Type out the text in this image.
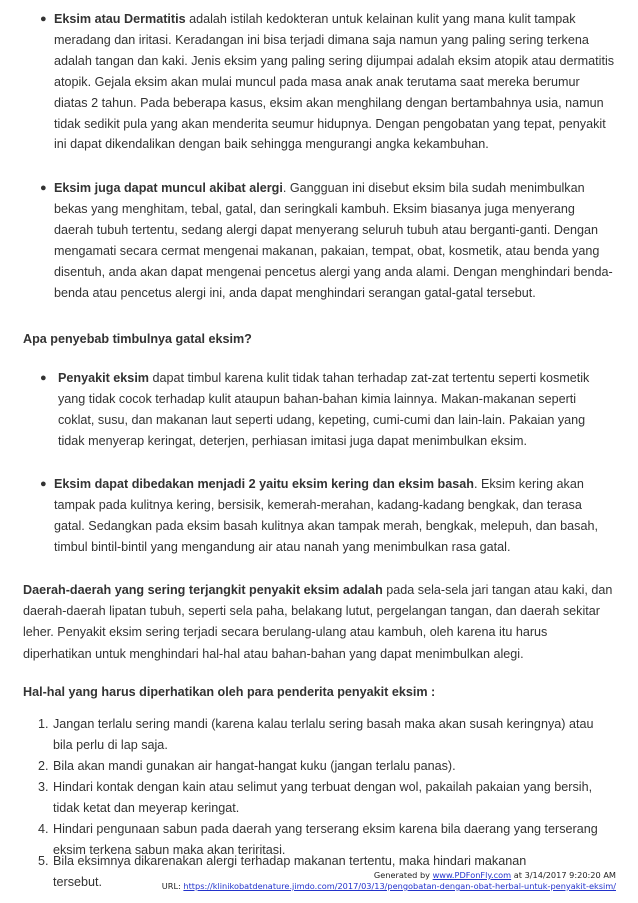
● Eksim atau Dermatitis adalah istilah kedokteran untuk kelainan kulit yang mana kulit tampak meradang dan iritasi. Keradangan ini bisa terjadi dimana saja namun yang paling sering terkena adalah tangan dan kaki. Jenis eksim yang paling sering dijumpai adalah eksim atopik atau dermatitis atopik. Gejala eksim akan mulai muncul pada masa anak anak terutama saat mereka berumur diatas 2 tahun. Pada beberapa kasus, eksim akan menghilang dengan bertambahnya usia, namun tidak sedikit pula yang akan menderita seumur hidupnya. Dengan pengobatan yang tepat, penyakit ini dapat dikendalikan dengan baik sehingga mengurangi angka kekambuhan.
● Eksim juga dapat muncul akibat alergi. Gangguan ini disebut eksim bila sudah menimbulkan bekas yang menghitam, tebal, gatal, dan seringkali kambuh. Eksim biasanya juga menyerang daerah tubuh tertentu, sedang alergi dapat menyerang seluruh tubuh atau berganti-ganti. Dengan mengamati secara cermat mengenai makanan, pakaian, tempat, obat, kosmetik, atau benda yang disentuh, anda akan dapat mengenai pencetus alergi yang anda alami. Dengan menghindari benda-benda atau pencetus alergi ini, anda dapat menghindari serangan gatal-gatal tersebut.
Apa penyebab timbulnya gatal eksim?
● Penyakit eksim dapat timbul karena kulit tidak tahan terhadap zat-zat tertentu seperti kosmetik yang tidak cocok terhadap kulit ataupun bahan-bahan kimia lainnya. Makan-makanan seperti coklat, susu, dan makanan laut seperti udang, kepeting, cumi-cumi dan lain-lain. Pakaian yang tidak menyerap keringat, deterjen, perhiasan imitasi juga dapat menimbulkan eksim.
● Eksim dapat dibedakan menjadi 2 yaitu eksim kering dan eksim basah. Eksim kering akan tampak pada kulitnya kering, bersisik, kemerah-merahan, kadang-kadang bengkak, dan terasa gatal. Sedangkan pada eksim basah kulitnya akan tampak merah, bengkak, melepuh, dan basah, timbul bintil-bintil yang mengandung air atau nanah yang menimbulkan rasa gatal.
Daerah-daerah yang sering terjangkit penyakit eksim adalah pada sela-sela jari tangan atau kaki, dan daerah-daerah lipatan tubuh, seperti sela paha, belakang lutut, pergelangan tangan, dan daerah sekitar leher. Penyakit eksim sering terjadi secara berulang-ulang atau kambuh, oleh karena itu harus diperhatikan untuk menghindari hal-hal atau bahan-bahan yang dapat menimbulkan alegi.
Hal-hal yang harus diperhatikan oleh para penderita penyakit eksim :
1. Jangan terlalu sering mandi (karena kalau terlalu sering basah maka akan susah keringnya) atau bila perlu di lap saja.
2. Bila akan mandi gunakan air hangat-hangat kuku (jangan terlalu panas).
3. Hindari kontak dengan kain atau selimut yang terbuat dengan wol, pakailah pakaian yang bersih, tidak ketat dan meyerap keringat.
4. Hindari pengunaan sabun pada daerah yang terserang eksim karena bila daerang yang terserang eksim terkena sabun maka akan teriritasi.
5. Bila eksimnya dikarenakan alergi terhadap makanan tertentu, maka hindari makanan tersebut.	Generated by www.PDFonFly.com at 3/14/2017 9:20:20 AM
URL: https://klinikobatdenature.jimdo.com/2017/03/13/pengobatan-dengan-obat-herbal-untuk-penyakit-eksim/
